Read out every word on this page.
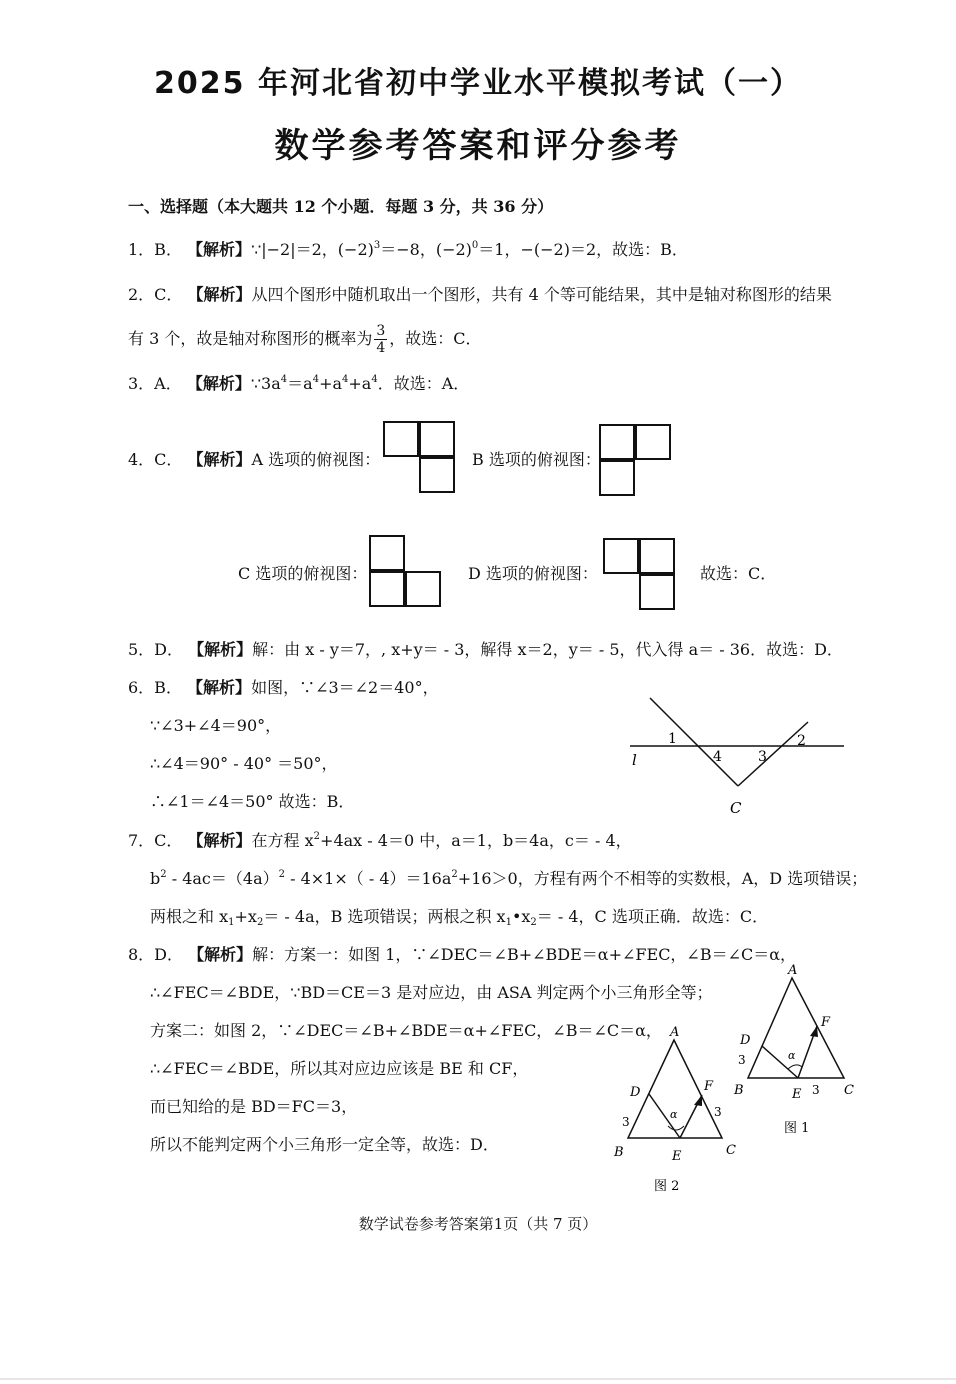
2025 年河北省初中学业水平模拟考试（一）
数学参考答案和评分参考
一、选择题（本大题共 12 个小题．每题 3 分，共 36 分）
1．B． 【解析】∵|−2|＝2，$(-2)^3=-8$，$(-2)^0=1$，−(−2)＝2，故选：B．
2．C． 【解析】从四个图形中随机取出一个图形，共有 4 个等可能结果，其中是轴对称图形的结果
有 3 个，故是轴对称图形的概率为 $\frac{3}{4}$ ，故选：C．
3．A． 【解析】$\because 3a^4=a^4+a^4+a^4$．故选：A．
4．C． 【解析】A 选项的俯视图：	B 选项的俯视图：
C 选项的俯视图：	D 选项的俯视图：	故选：C．
5．D． 【解析】解：由 x - y＝7，, x+y＝ - 3，解得 x＝2，y＝ - 5，代入得 a＝ - 36．故选：D．
6．B． 【解析】如图，∵∠3＝∠2＝40°，
∵∠3+∠4＝90°，
∴∠4＝90° - 40° ＝50°，
∴∠1＝∠4＝50° 故选：B．
l
1	2
3
4
C
7．C． 【解析】在方程 $x^2+4ax - 4=0$ 中，a＝1，b＝4a，c＝ - 4，
$b^2 - 4ac=(4a)^2 - 4\times 1\times( - 4)=16a^2+16>0$，方程有两个不相等的实数根，A，D 选项错误；
两根之和 $x_1+x_2= - 4a$，B 选项错误；两根之积 $x_1•x_2= - 4$，C 选项正确．故选：C．
8．D． 【解析】解：方案一：如图 1，∵∠DEC＝∠B+∠BDE＝α+∠FEC，∠B＝∠C＝α，
∴∠FEC＝∠BDE，∵BD＝CE＝3 是对应边，由 ASA 判定两个小三角形全等；
方案二：如图 2，∵∠DEC＝∠B+∠BDE＝α+∠FEC，∠B＝∠C＝α，
∴∠FEC＝∠BDE，所以其对应边应该是 BE 和 CF，
而已知给的是 BD＝FC＝3，
所以不能判定两个小三角形一定全等，故选：D．
A
B	C
D
E
F
α
3
3
图 1
A
B	C
D
E
F
α
3
3
图 2
数学试卷参考答案第1页（共 7 页）
